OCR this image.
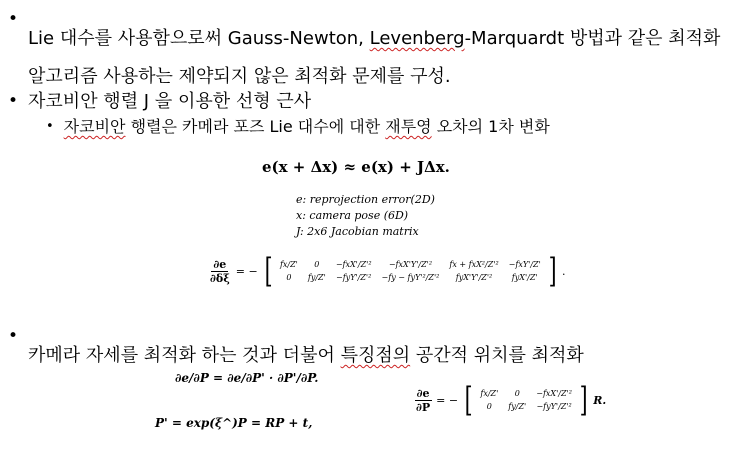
•

Lie 대수를 사용함으로써 Gauss-Newton, Levenberg-Marquardt 방법과 같은 최적화

알고리즘 사용하는 제약되지 않은 최적화 문제를 구성.

• 자코비안 행렬 J 을 이용한 선형 근사
• 자코비안 행렬은 카메라 포즈 Lie 대수에 대한 재투영 오차의 1차 변화
e(x + Δx) ≈ e(x) + JΔx.
e: reprojection error(2D)
x: camera pose (6D)
J: 2x6 Jacobian matrix
$\frac{\partial e}{\partial\delta\xi}$ = − [ fx/Z'	0	−fxX'/Z'²	−fxX'Y'/Z'²	fx + fxX²/Z'²	−fxY'/Z'
0	fy/Z'	−fyY'/Z'²	−fy − fyY'²/Z'²	fyX'Y'/Z'²	fyX'/Z' ] .
•

카메라 자세를 최적화 하는 것과 더불어 특징점의 공간적 위치를 최적화

∂e/∂P = ∂e/∂P' · ∂P'/∂P.
P' = exp(ξ^)P = RP + t,
$\frac{\partial e}{\partial P}$ = − [ fx/Z'	0	−fxX'/Z'²
0	fy/Z'	−fyY'/Z'² ] R.
